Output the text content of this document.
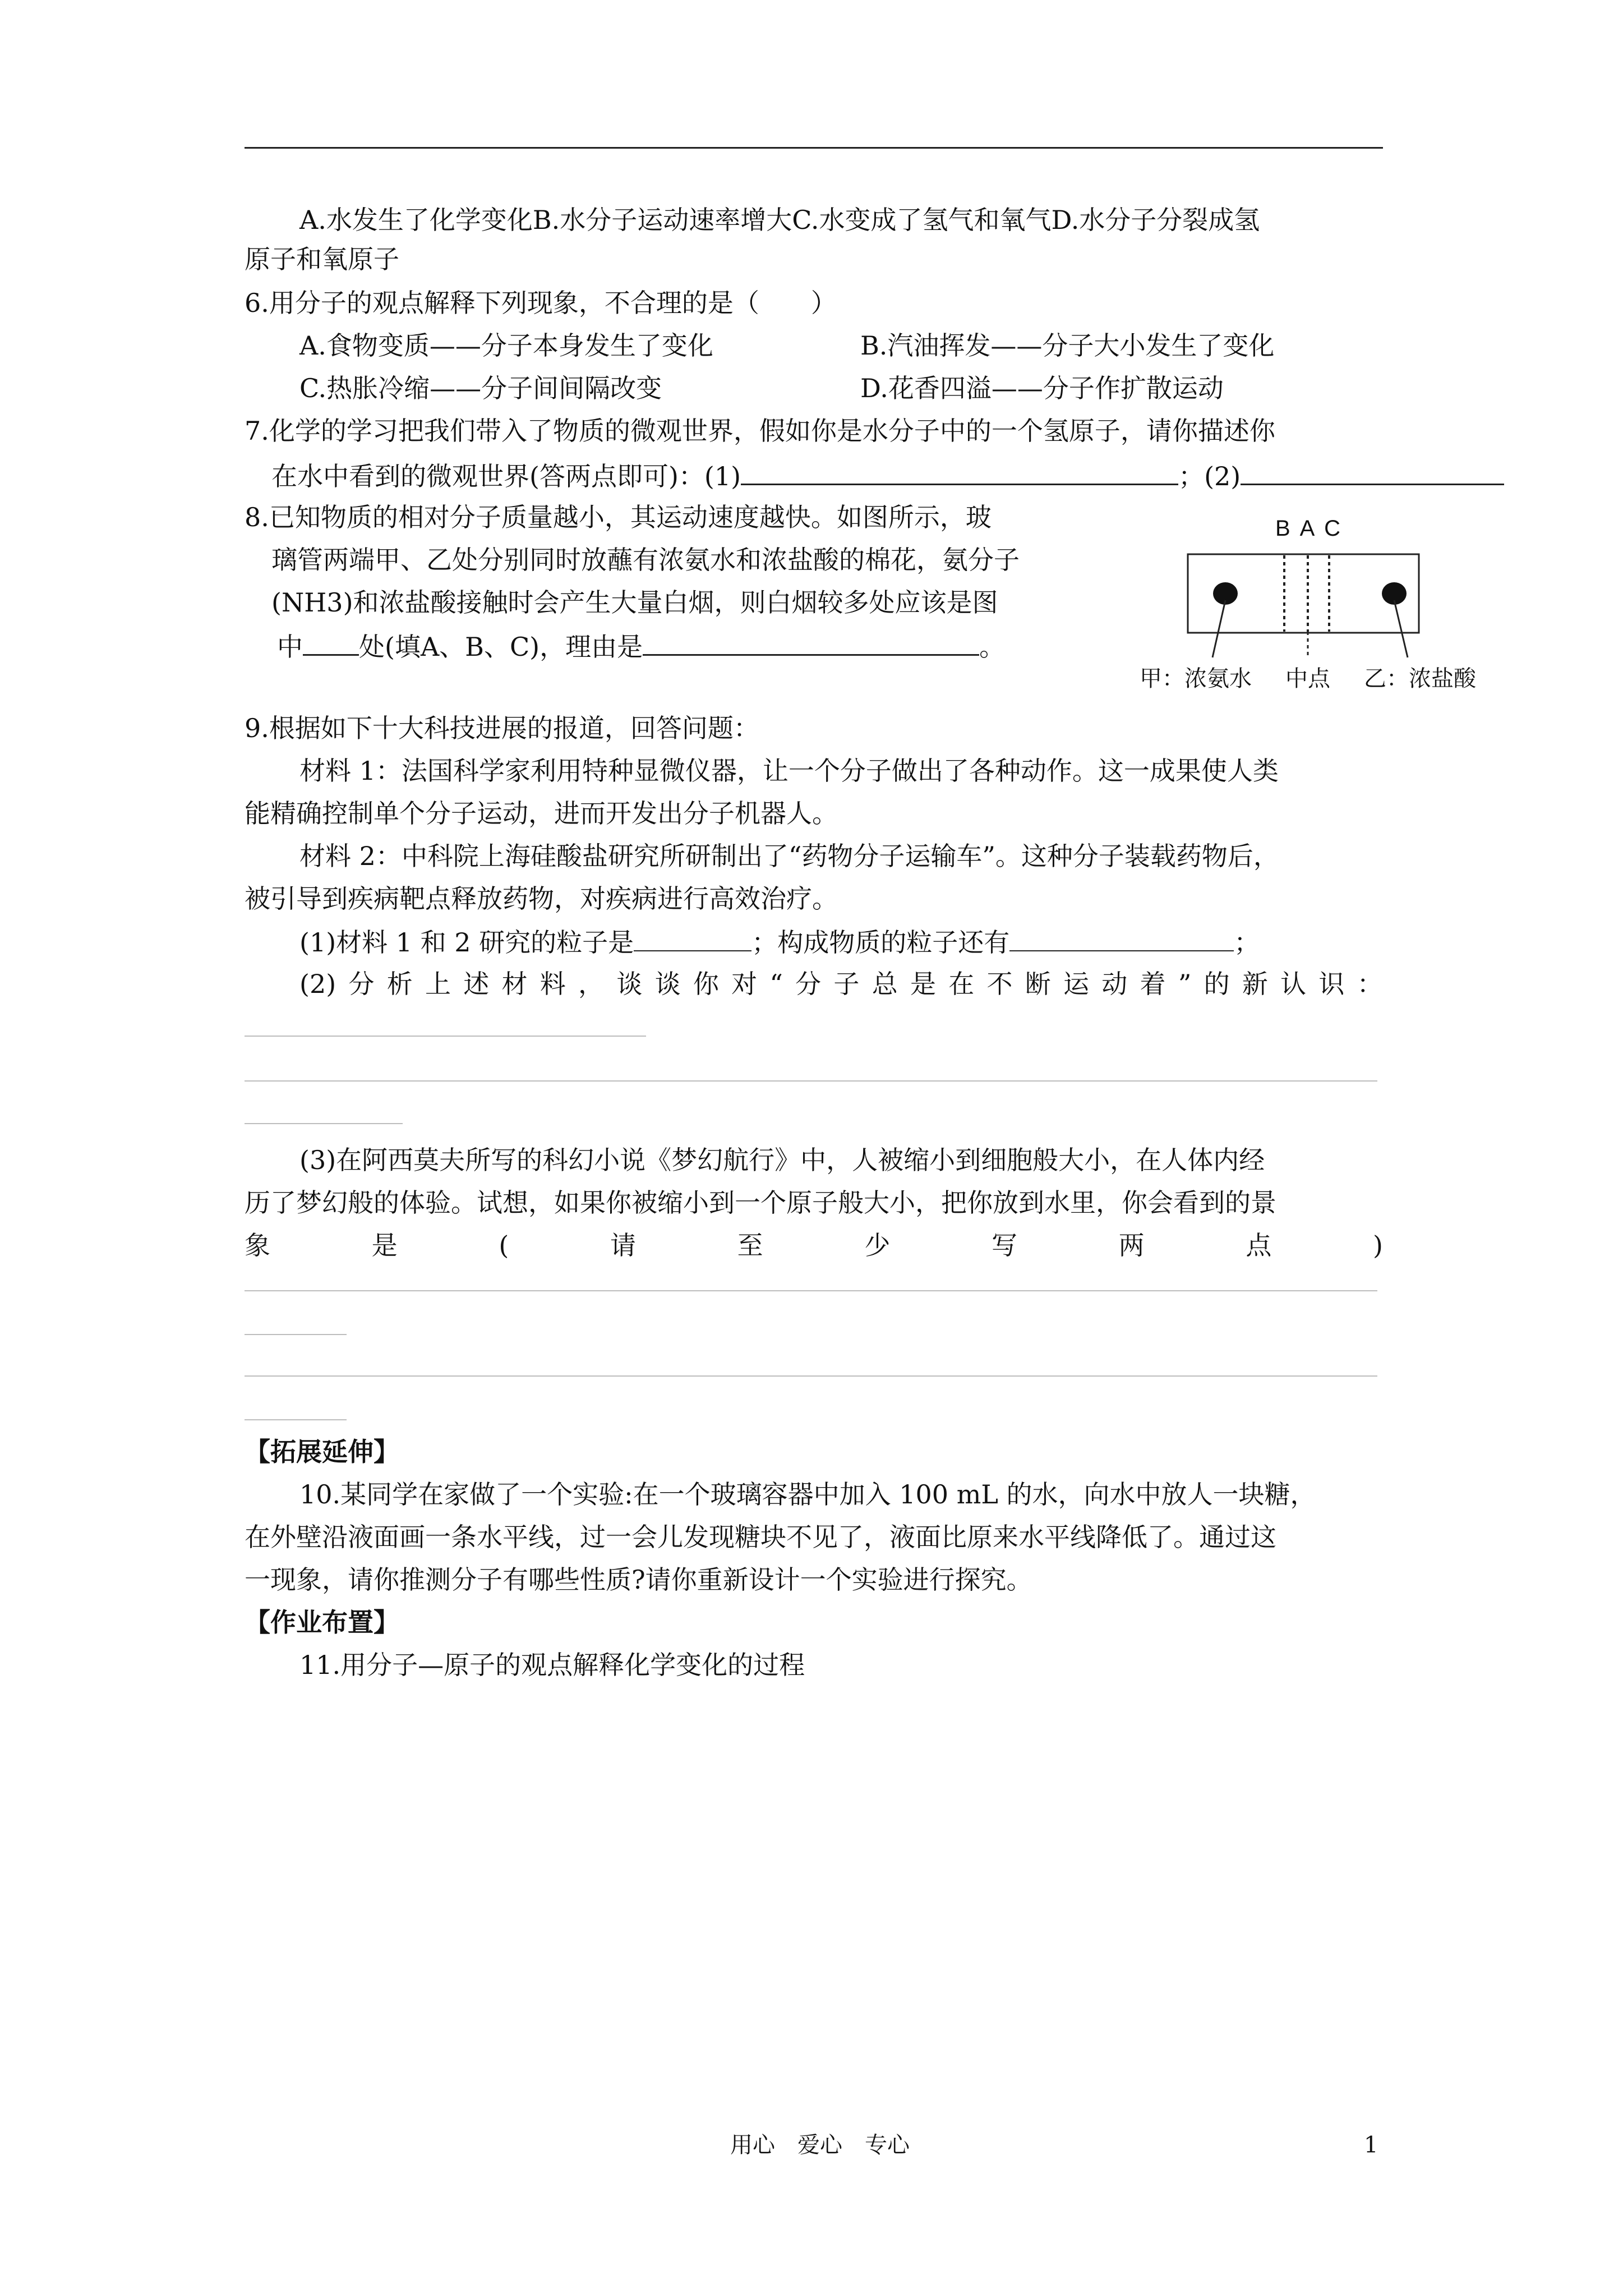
A.水发生了化学变化B.水分子运动速率增大C.水变成了氢气和氧气D.水分子分裂成氢
原子和氧原子
6.用分子的观点解释下列现象，不合理的是（　　）
A.食物变质——分子本身发生了变化	B.汽油挥发——分子大小发生了变化
C.热胀冷缩——分子间间隔改变	D.花香四溢——分子作扩散运动
7.化学的学习把我们带入了物质的微观世界，假如你是水分子中的一个氢原子，请你描述你
在水中看到的微观世界(答两点即可)：(1)	；(2)
8.已知物质的相对分子质量越小，其运动速度越快。如图所示，玻
璃管两端甲、乙处分别同时放蘸有浓氨水和浓盐酸的棉花，氨分子
(NH3)和浓盐酸接触时会产生大量白烟，则白烟较多处应该是图
中 处(填A、B、C)，理由是	。
B A C
甲：浓氨水 中点 乙：浓盐酸
9.根据如下十大科技进展的报道，回答问题：
材料 1：法国科学家利用特种显微仪器，让一个分子做出了各种动作。这一成果使人类
能精确控制单个分子运动，进而开发出分子机器人。
材料 2：中科院上海硅酸盐研究所研制出了“药物分子运输车”。这种分子装载药物后，
被引导到疾病靶点释放药物，对疾病进行高效治疗。
(1)材料 1 和 2 研究的粒子是	；构成物质的粒子还有	；
(2) 分 析 上 述 材 料 ， 谈 谈 你 对 “ 分 子 总 是 在 不 断 运 动 着 ” 的 新 认 识 ：
(3)在阿西莫夫所写的科幻小说《梦幻航行》中，人被缩小到细胞般大小，在人体内经
历了梦幻般的体验。试想，如果你被缩小到一个原子般大小，把你放到水里，你会看到的景
象	是	(	请	至	少	写	两	点	)
【拓展延伸】
10.某同学在家做了一个实验:在一个玻璃容器中加入 100 mL 的水，向水中放人一块糖，
在外壁沿液面画一条水平线，过一会儿发现糖块不见了，液面比原来水平线降低了。通过这
一现象，请你推测分子有哪些性质?请你重新设计一个实验进行探究。
【作业布置】
11.用分子—原子的观点解释化学变化的过程
用心　爱心　专心	1
